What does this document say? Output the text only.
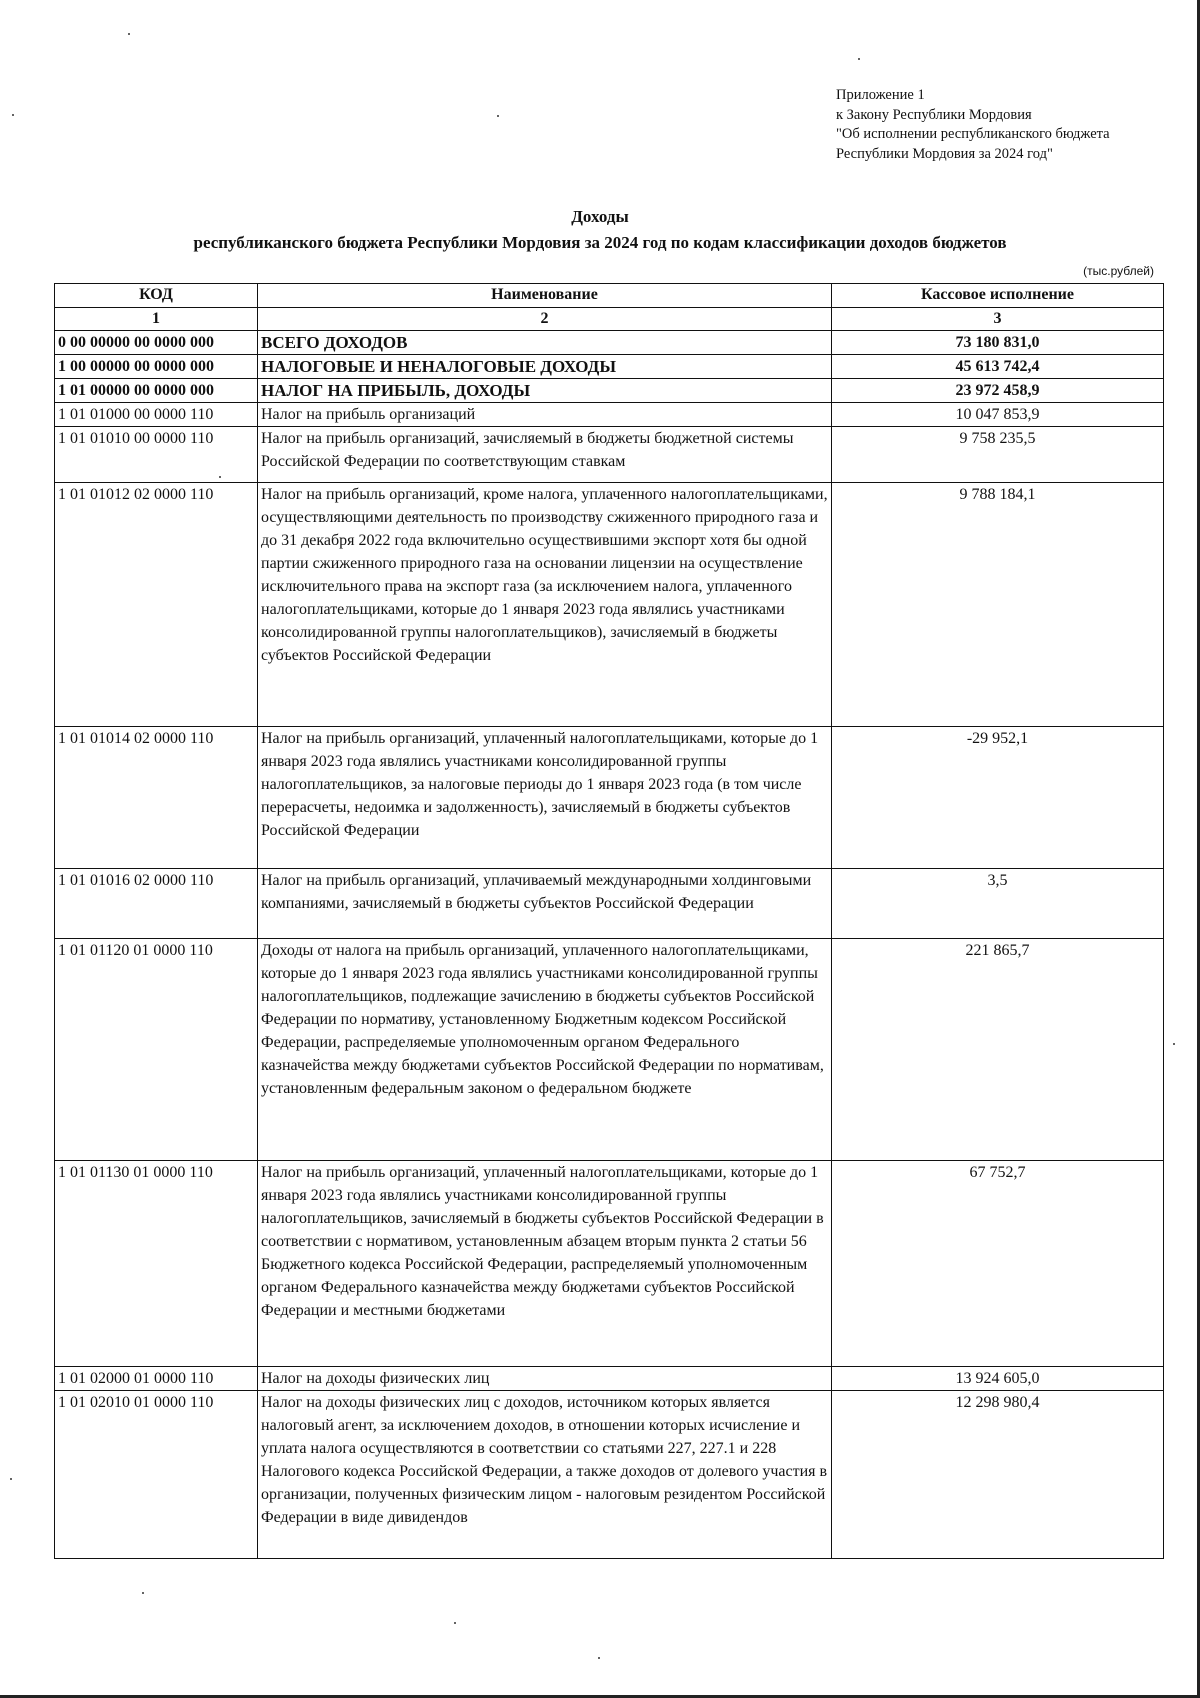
Приложение 1
к Закону Республики Мордовия
"Об исполнении республиканского бюджета
Республики Мордовия за 2024 год"
Доходы
республиканского бюджета Республики Мордовия за 2024 год по кодам классификации доходов бюджетов
(тыс.рублей)
КОД	Наименование	Кассовое исполнение
1	2	3
0 00 00000 00 0000 000	ВСЕГО ДОХОДОВ	73 180 831,0
1 00 00000 00 0000 000	НАЛОГОВЫЕ И НЕНАЛОГОВЫЕ ДОХОДЫ	45 613 742,4
1 01 00000 00 0000 000	НАЛОГ НА ПРИБЫЛЬ, ДОХОДЫ	23 972 458,9
1 01 01000 00 0000 110	Налог на прибыль организаций	10 047 853,9
1 01 01010 00 0000 110	Налог на прибыль организаций, зачисляемый в бюджеты бюджетной системы Российской Федерации по соответствующим ставкам	9 758 235,5
1 01 01012 02 0000 110	Налог на прибыль организаций, кроме налога, уплаченного налогоплательщиками, осуществляющими деятельность по производству сжиженного природного газа и до 31 декабря 2022 года включительно осуществившими экспорт хотя бы одной партии сжиженного природного газа на основании лицензии на осуществление исключительного права на экспорт газа (за исключением налога, уплаченного налогоплательщиками, которые до 1 января 2023 года являлись участниками консолидированной группы налогоплательщиков), зачисляемый в бюджеты субъектов Российской Федерации	9 788 184,1
1 01 01014 02 0000 110	Налог на прибыль организаций, уплаченный налогоплательщиками, которые до 1 января 2023 года являлись участниками консолидированной группы налогоплательщиков, за налоговые периоды до 1 января 2023 года (в том числе перерасчеты, недоимка и задолженность), зачисляемый в бюджеты субъектов Российской Федерации	-29 952,1
1 01 01016 02 0000 110	Налог на прибыль организаций, уплачиваемый международными холдинговыми компаниями, зачисляемый в бюджеты субъектов Российской Федерации	3,5
1 01 01120 01 0000 110	Доходы от налога на прибыль организаций, уплаченного налогоплательщиками, которые до 1 января 2023 года являлись участниками консолидированной группы налогоплательщиков, подлежащие зачислению в бюджеты субъектов Российской Федерации по нормативу, установленному Бюджетным кодексом Российской Федерации, распределяемые уполномоченным органом Федерального казначейства между бюджетами субъектов Российской Федерации по нормативам, установленным федеральным законом о федеральном бюджете	221 865,7
1 01 01130 01 0000 110	Налог на прибыль организаций, уплаченный налогоплательщиками, которые до 1 января 2023 года являлись участниками консолидированной группы налогоплательщиков, зачисляемый в бюджеты субъектов Российской Федерации в соответствии с нормативом, установленным абзацем вторым пункта 2 статьи 56 Бюджетного кодекса Российской Федерации, распределяемый уполномоченным органом Федерального казначейства между бюджетами субъектов Российской Федерации и местными бюджетами	67 752,7
1 01 02000 01 0000 110	Налог на доходы физических лиц	13 924 605,0
1 01 02010 01 0000 110	Налог на доходы физических лиц с доходов, источником которых является налоговый агент, за исключением доходов, в отношении которых исчисление и уплата налога осуществляются в соответствии со статьями 227, 227.1 и 228 Налогового кодекса Российской Федерации, а также доходов от долевого участия в организации, полученных физическим лицом - налоговым резидентом Российской Федерации в виде дивидендов	12 298 980,4
